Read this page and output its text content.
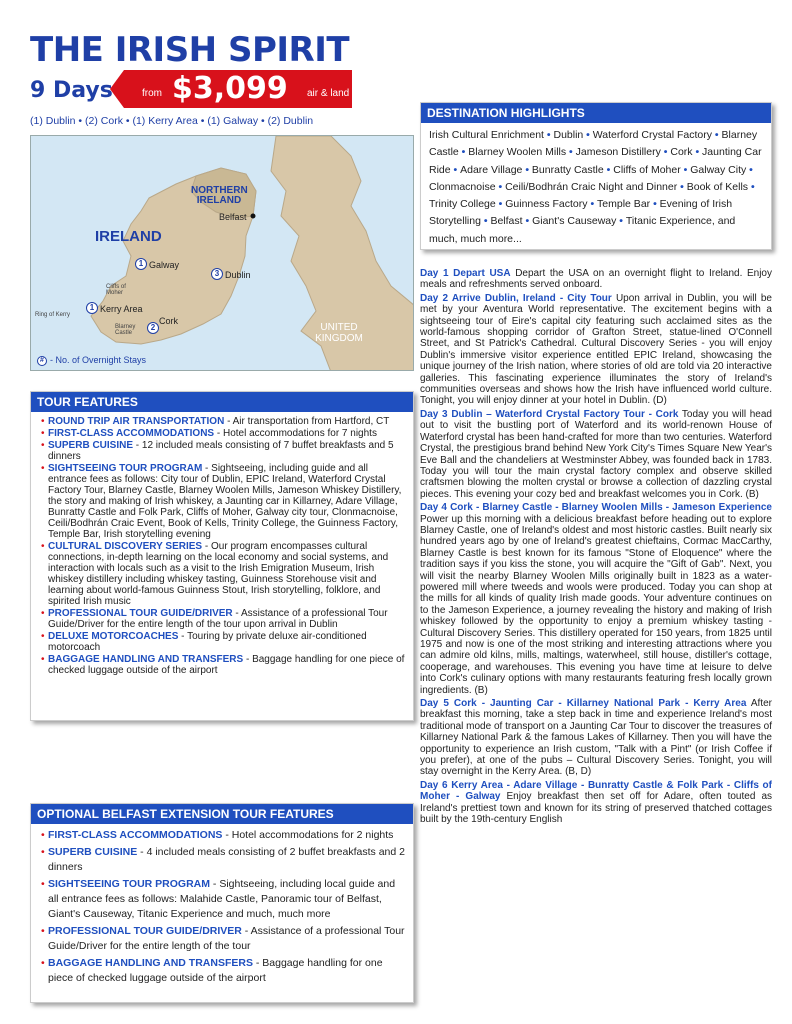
THE IRISH SPIRIT
9 Days	from $3,099 air & land
(1) Dublin • (2) Cork • (1) Kerry Area • (1) Galway • (2) Dublin
IRELAND
NORTHERN IRELAND
UNITED KINGDOM
Belfast
1 Galway
3 Dublin
Cliffs of Moher
1 Kerry Area
Ring of Kerry
Cork
Blarney Castle
2
# - No. of Overnight Stays
TOUR FEATURES
• ROUND TRIP AIR TRANSPORTATION - Air transportation from Hartford, CT
• FIRST-CLASS ACCOMMODATIONS - Hotel accommodations for 7 nights
• SUPERB CUISINE - 12 included meals consisting of 7 buffet breakfasts and 5 dinners
• SIGHTSEEING TOUR PROGRAM - Sightseeing, including guide and all entrance fees as follows: City tour of Dublin, EPIC Ireland, Waterford Crystal Factory Tour, Blarney Castle, Blarney Woolen Mills, Jameson Whiskey Distillery, the story and making of Irish whiskey, a Jaunting car in Killarney, Adare Village, Bunratty Castle and Folk Park, Cliffs of Moher, Galway city tour, Clonmacnoise, Ceili/Bodhrán Craic Event, Book of Kells, Trinity College, the Guinness Factory, Temple Bar, Irish storytelling evening
• CULTURAL DISCOVERY SERIES - Our program encompasses cultural connections, in-depth learning on the local economy and social systems, and interaction with locals such as a visit to the Irish Emigration Museum, Irish whiskey distillery including whiskey tasting, Guinness Storehouse visit and learning about world-famous Guinness Stout, Irish storytelling, folklore, and spirited Irish music
• PROFESSIONAL TOUR GUIDE/DRIVER - Assistance of a professional Tour Guide/Driver for the entire length of the tour upon arrival in Dublin
• DELUXE MOTORCOACHES - Touring by private deluxe air-conditioned motorcoach
• BAGGAGE HANDLING AND TRANSFERS - Baggage handling for one piece of checked luggage outside of the airport
OPTIONAL BELFAST EXTENSION TOUR FEATURES
• FIRST-CLASS ACCOMMODATIONS - Hotel accommodations for 2 nights
• SUPERB CUISINE - 4 included meals consisting of 2 buffet breakfasts and 2 dinners
• SIGHTSEEING TOUR PROGRAM - Sightseeing, including local guide and all entrance fees as follows: Malahide Castle, Panoramic tour of Belfast, Giant's Causeway, Titanic Experience and much, much more
• PROFESSIONAL TOUR GUIDE/DRIVER - Assistance of a professional Tour Guide/Driver for the entire length of the tour
• BAGGAGE HANDLING AND TRANSFERS - Baggage handling for one piece of checked luggage outside of the airport
DESTINATION HIGHLIGHTS
Irish Cultural Enrichment • Dublin • Waterford Crystal Factory • Blarney Castle • Blarney Woolen Mills • Jameson Distillery • Cork • Jaunting Car Ride • Adare Village • Bunratty Castle • Cliffs of Moher • Galway City • Clonmacnoise • Ceili/Bodhrán Craic Night and Dinner • Book of Kells • Trinity College • Guinness Factory • Temple Bar • Evening of Irish Storytelling • Belfast • Giant's Causeway • Titanic Experience, and much, much more...

Day 1 Depart USA Depart the USA on an overnight flight to Ireland. Enjoy meals and refreshments served onboard.

Day 2 Arrive Dublin, Ireland - City Tour Upon arrival in Dublin, you will be met by your Aventura World representative. The excitement begins with a sightseeing tour of Eire's capital city featuring such acclaimed sites as the world-famous shopping corridor of Grafton Street, statue-lined O'Connell Street, and St Patrick's Cathedral. Cultural Discovery Series - you will enjoy Dublin's immersive visitor experience entitled EPIC Ireland, showcasing the unique journey of the Irish nation, where stories of old are told via 20 interactive galleries. This fascinating experience illuminates the story of Ireland's communities overseas and shows how the Irish have influenced world culture. Tonight, you will enjoy dinner at your hotel in Dublin. (D)

Day 3 Dublin – Waterford Crystal Factory Tour - Cork Today you will head out to visit the bustling port of Waterford and its world-renown House of Waterford crystal has been hand-crafted for more than two centuries. Waterford Crystal, the prestigious brand behind New York City's Times Square New Year's Eve Ball and the chandeliers at Westminster Abbey, was founded back in 1783. Today you will tour the main crystal factory complex and observe skilled craftsmen blowing the molten crystal or browse a collection of dazzling crystal pieces. This evening your cozy bed and breakfast welcomes you in Cork. (B)

Day 4 Cork - Blarney Castle - Blarney Woolen Mills - Jameson Experience Power up this morning with a delicious breakfast before heading out to explore Blarney Castle, one of Ireland's oldest and most historic castles. Built nearly six hundred years ago by one of Ireland's greatest chieftains, Cormac MacCarthy, Blarney Castle is best known for its famous "Stone of Eloquence" where the tradition says if you kiss the stone, you will acquire the "Gift of Gab". Next, you will visit the nearby Blarney Woolen Mills originally built in 1823 as a water-powered mill where tweeds and wools were produced. Today you can shop at the mills for all kinds of quality Irish made goods. Your adventure continues on to the Jameson Experience, a journey revealing the history and making of Irish whiskey followed by the opportunity to enjoy a premium whiskey tasting - Cultural Discovery Series. This distillery operated for 150 years, from 1825 until 1975 and now is one of the most striking and interesting attractions where you can admire old kilns, mills, maltings, waterwheel, still house, distiller's cottage, cooperage, and warehouses. This evening you have time at leisure to delve into Cork's culinary options with many restaurants featuring fresh locally grown ingredients. (B)

Day 5 Cork - Jaunting Car - Killarney National Park - Kerry Area After breakfast this morning, take a step back in time and experience Ireland's most traditional mode of transport on a Jaunting Car Tour to discover the treasures of Killarney National Park & the famous Lakes of Killarney. Then you will have the opportunity to experience an Irish custom, "Talk with a Pint" (or Irish Coffee if you prefer), at one of the pubs – Cultural Discovery Series. Tonight, you will stay overnight in the Kerry Area. (B, D)

Day 6 Kerry Area - Adare Village - Bunratty Castle & Folk Park - Cliffs of Moher - Galway Enjoy breakfast then set off for Adare, often touted as Ireland's prettiest town and known for its string of preserved thatched cottages built by the 19th-century English
